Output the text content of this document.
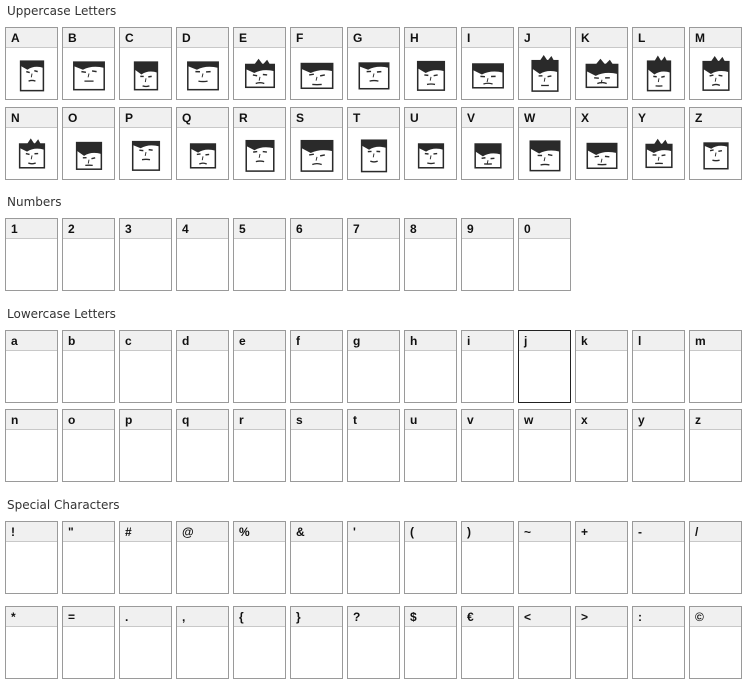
Uppercase Letters
A	B	C	D	E	F	G	H	I	J	K	L	M
N	O	P	Q	R	S	T	U	V	W	X	Y	Z
Numbers
1	2	3	4	5	6	7	8	9	0
Lowercase Letters
a	b	c	d	e	f	g	h	i	j	k	l	m
n	o	p	q	r	s	t	u	v	w	x	y	z
Special Characters
!	"	#	@	%	&	'	(	)	~	+	-	/
*	=	.	,	{	}	?	$	€	<	>	:	©
